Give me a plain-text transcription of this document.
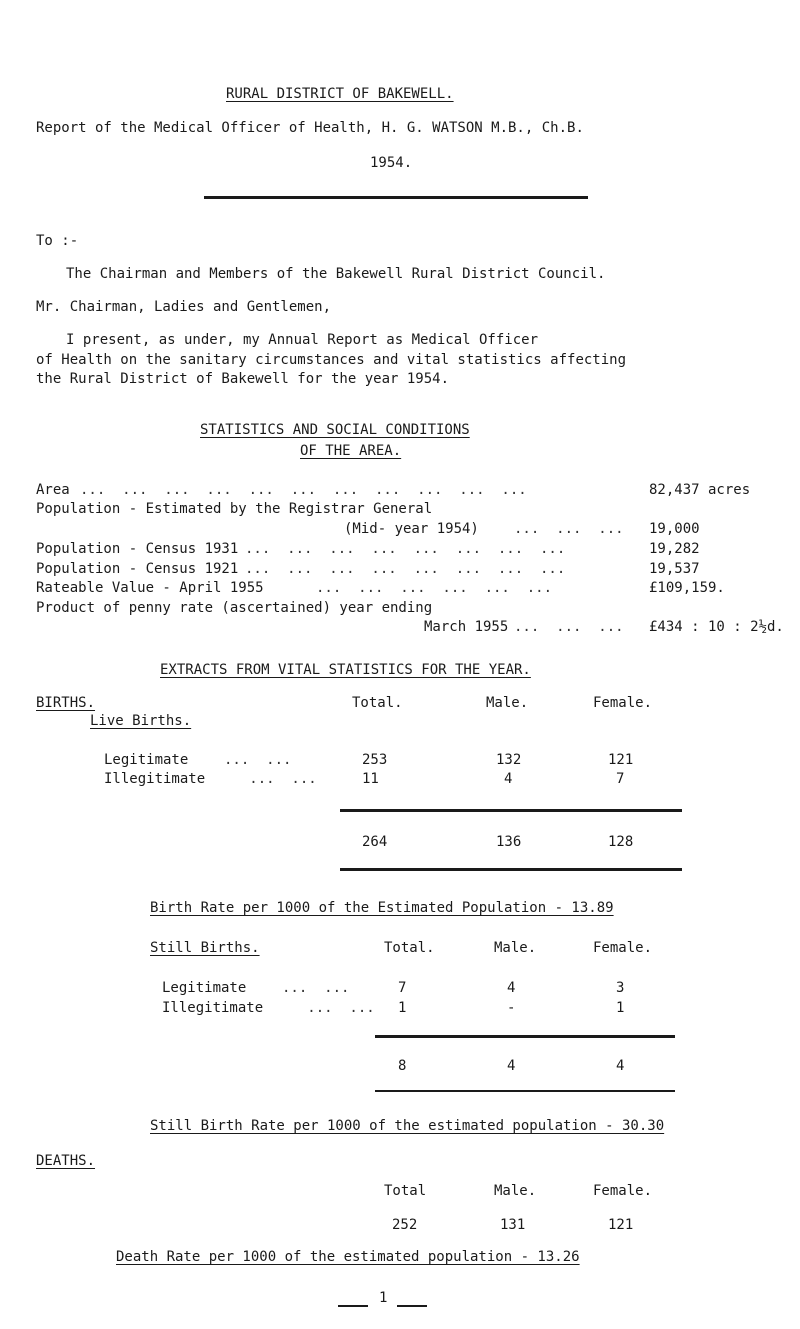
RURAL DISTRICT OF BAKEWELL.
Report of the Medical Officer of Health, H. G. WATSON M.B., Ch.B.
1954.
To :-
The Chairman and Members of the Bakewell Rural District Council.
Mr. Chairman, Ladies and Gentlemen,
I present, as under, my Annual Report as Medical Officer
of Health on the sanitary circumstances and vital statistics affecting
the Rural District of Bakewell for the year 1954.
STATISTICS AND SOCIAL CONDITIONS
OF THE AREA.
Area ...  ...  ...  ...  ...  ...  ...  ...  ...  ...  ...	82,437 acres
Population - Estimated by the Registrar General
(Mid- year 1954)	...  ...  ... 19,000
Population - Census 1931 ...  ...  ...  ...  ...  ...  ...  ...	19,282
Population - Census 1921 ...  ...  ...  ...  ...  ...  ...  ...	19,537
Rateable Value - April 1955	...  ...  ...  ...  ...  ...	£109,159.
Product of penny rate (ascertained) year ending
March 1955 ...  ...  ... £434 : 10 : 2½d.
EXTRACTS FROM VITAL STATISTICS FOR THE YEAR.
BIRTHS.
Live Births.
Total.	Male.	Female.
Legitimate	...  ...	253	132	121
Illegitimate ...  ...	11	4	7
264	136	128
Birth Rate per 1000 of the Estimated Population - 13.89
Still Births.	Total.	Male.	Female.
Legitimate	...  ...	7	4	3
Illegitimate ...  ... 1	-	1
8	4	4
Still Birth Rate per 1000 of the estimated population - 30.30
DEATHS.
Total	Male.	Female.
252	131	121
Death Rate per 1000 of the estimated population - 13.26
1
